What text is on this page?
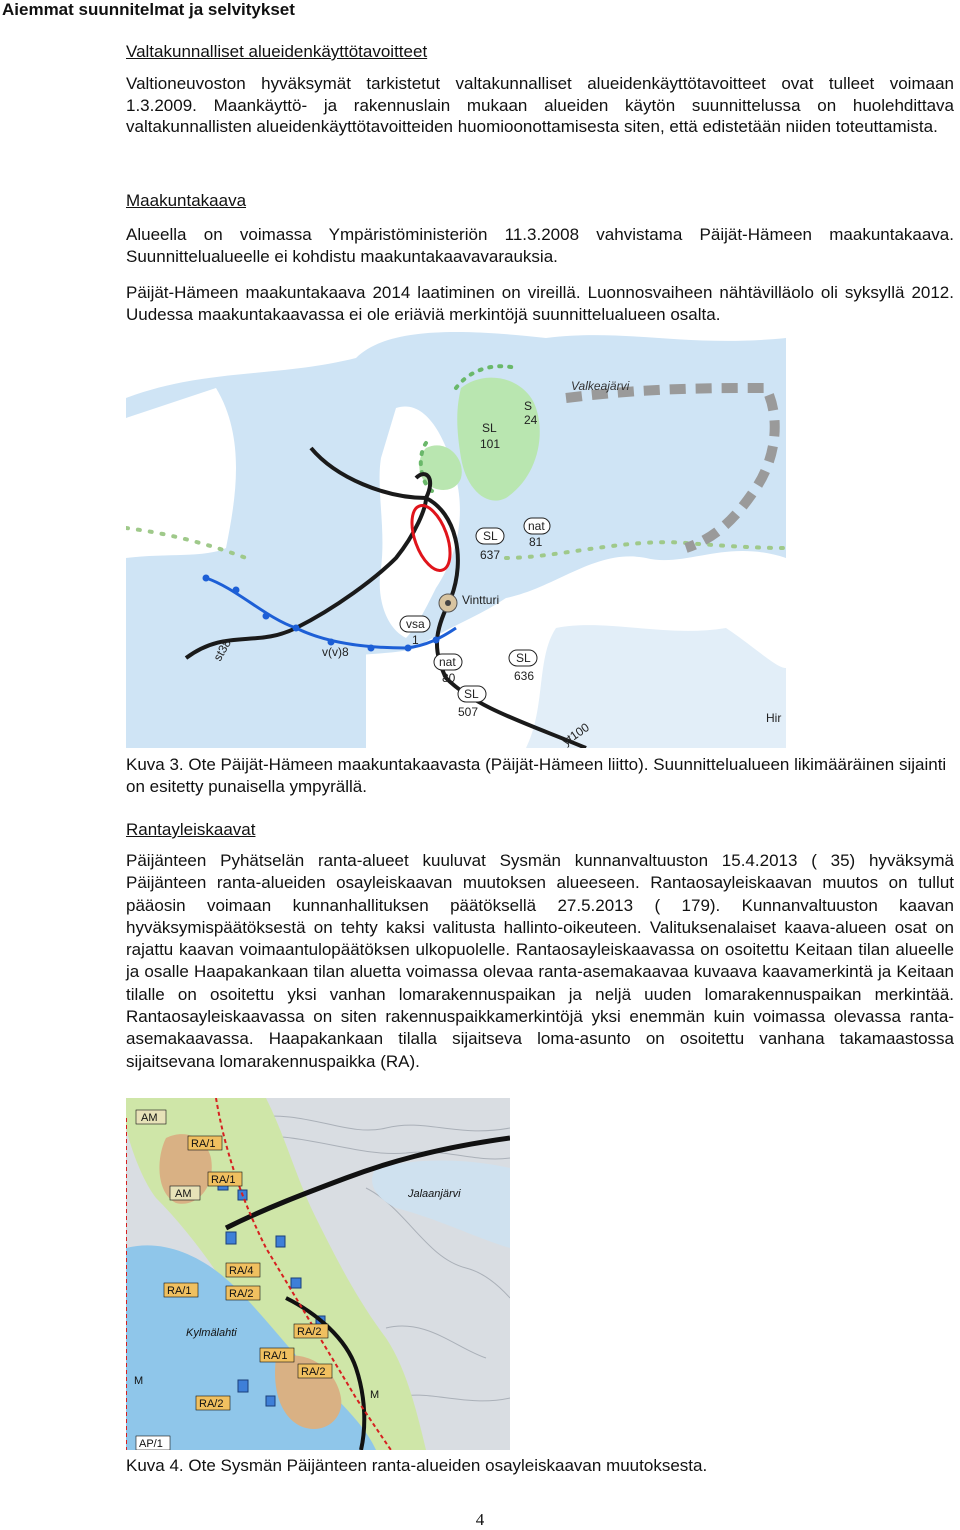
Aiemmat suunnitelmat ja selvitykset
Valtakunnalliset alueidenkäyttötavoitteet

Valtioneuvoston hyväksymät tarkistetut valtakunnalliset alueidenkäyttötavoitteet ovat tulleet voimaan 1.3.2009. Maankäyttö- ja rakennuslain mukaan alueiden käytön suunnittelussa on huolehdittava valtakunnallisten alueidenkäyttötavoitteiden huomioonottamisesta siten, että edistetään niiden toteuttamista.

Maakuntakaava

Alueella on voimassa Ympäristöministeriön 11.3.2008 vahvistama Päijät-Hämeen maakuntakaava. Suunnittelualueelle ei kohdistu maakuntakaavavarauksia.

Päijät-Hämeen maakuntakaava 2014 laatiminen on vireillä. Luonnosvaiheen nähtävilläolo oli syksyllä 2012. Uudessa maakuntakaavassa ei ole eriäviä merkintöjä suunnittelualueen osalta.

Valkeajärvi
S
24
SL
101
SL
637
nat
81
Vintturi
vsa
1
v(v)8
st38	nat
80
SL
636
SL
507
yt100
Hir

Kuva 3. Ote Päijät-Hämeen maakuntakaavasta (Päijät-Hämeen liitto). Suunnittelualueen likimääräinen sijainti on esitetty punaisella ympyrällä.

Rantayleiskaavat

Päijänteen Pyhätselän ranta-alueet kuuluvat Sysmän kunnanvaltuuston 15.4.2013 ( 35) hyväksymä Päijänteen ranta-alueiden osayleiskaavan muutoksen alueeseen. Rantaosayleiskaavan muutos on tullut pääosin voimaan kunnanhallituksen päätöksellä 27.5.2013 ( 179). Kunnanvaltuuston kaavan hyväksymispäätöksestä on tehty kaksi valitusta hallinto-oikeuteen. Valituksenalaiset kaava-alueen osat on rajattu kaavan voimaantulopäätöksen ulkopuolelle. Rantaosayleiskaavassa on osoitettu Keitaan tilan alueelle ja osalle Haapakankaan tilan aluetta voimassa olevaa ranta-asemakaavaa kuvaava kaavamerkintä ja Keitaan tilalle on osoitettu yksi vanhan lomarakennuspaikan ja neljä uuden lomarakennuspaikan merkintää. Rantaosayleiskaavassa on siten rakennuspaikkamerkintöjä yksi enemmän kuin voimassa olevassa ranta-asemakaavassa. Haapakankaan tilalla sijaitseva loma-asunto on osoitettu vanhana takamaastossa sijaitsevana lomarakennuspaikka (RA).

AM
RA/1
RA/1
AM	Jalaanjärvi
RA/4
RA/1	RA/2
Kylmälahti	RA/2
RA/1
RA/2
RA/2
AP/1
M
M

Kuva 4. Ote Sysmän Päijänteen ranta-alueiden osayleiskaavan muutoksesta.

4
